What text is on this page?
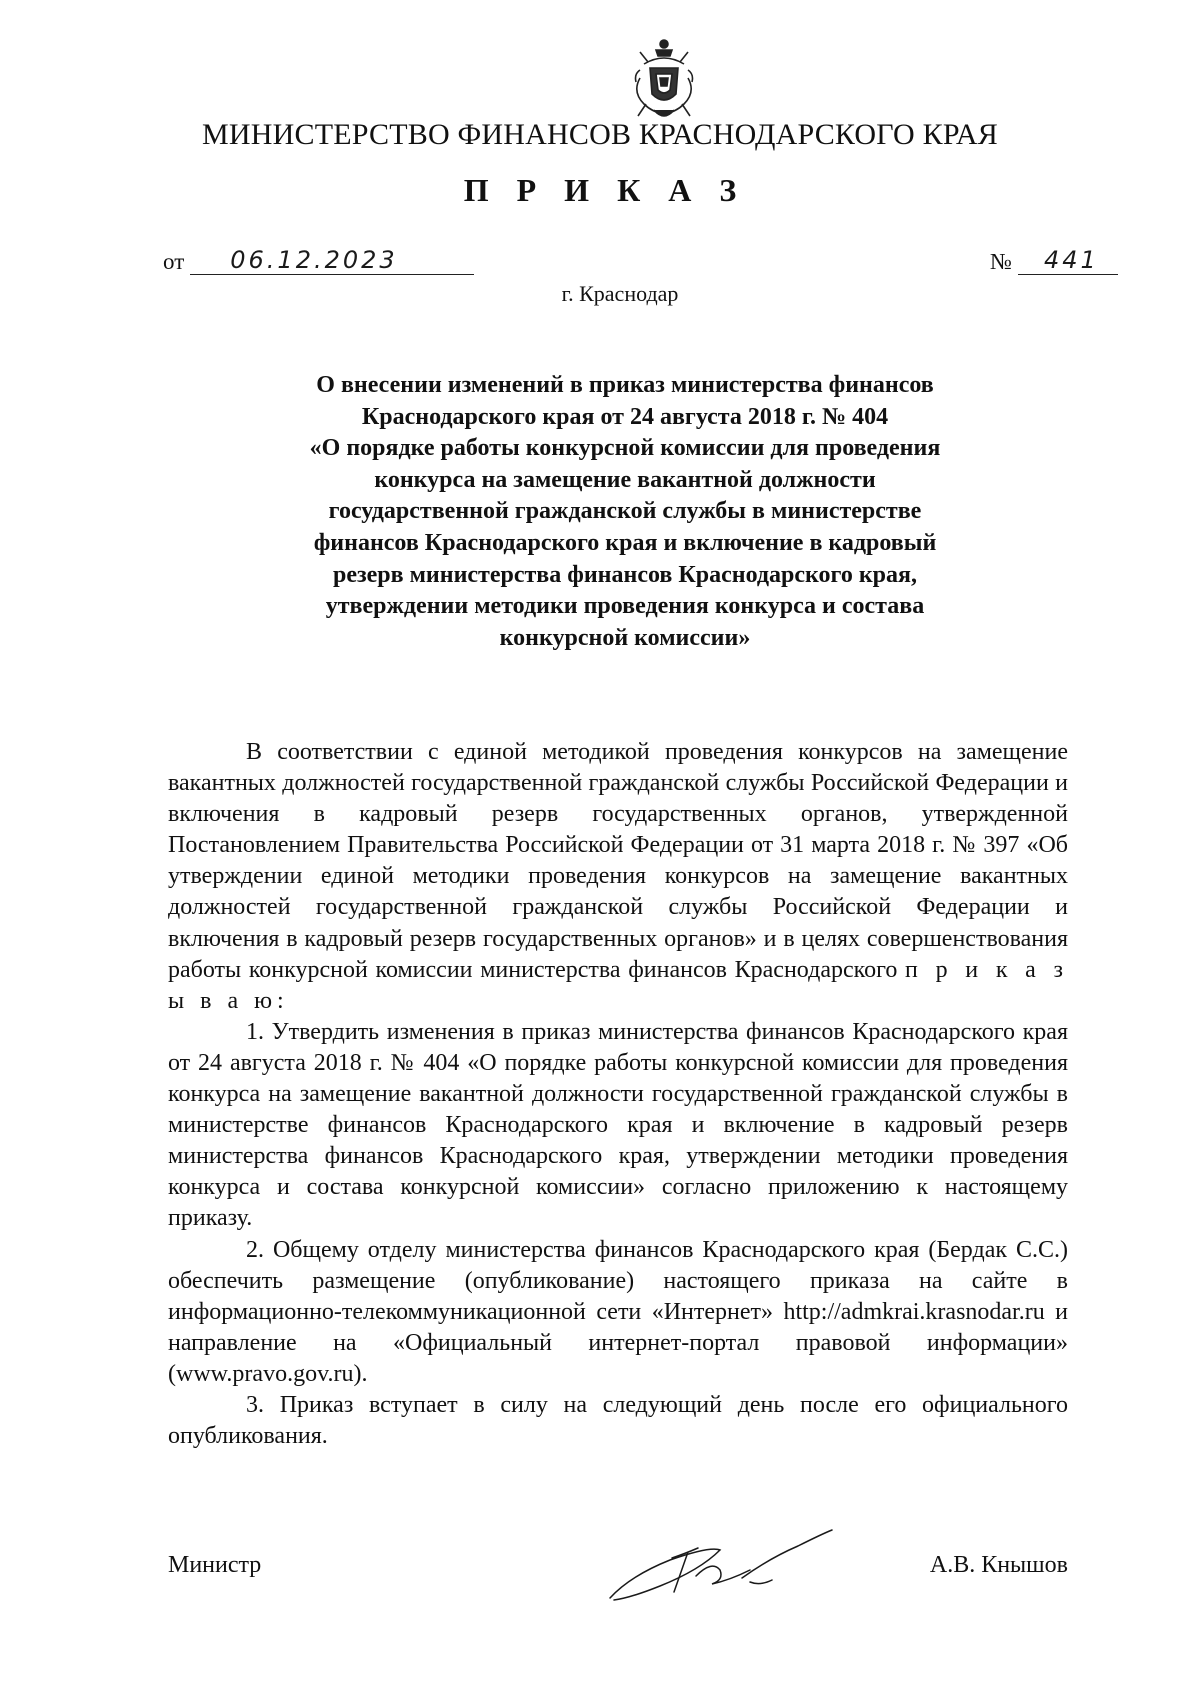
МИНИСТЕРСТВО ФИНАНСОВ КРАСНОДАРСКОГО КРАЯ
П Р И К А З
от 06.12.2023	№ 441
г. Краснодар
О внесении изменений в приказ министерства финансов
Краснодарского края от 24 августа 2018 г. № 404
«О порядке работы конкурсной комиссии для проведения
конкурса на замещение вакантной должности
государственной гражданской службы в министерстве
финансов Краснодарского края и включение в кадровый
резерв министерства финансов Краснодарского края,
утверждении методики проведения конкурса и состава
конкурсной комиссии»

В соответствии с единой методикой проведения конкурсов на замещение вакантных должностей государственной гражданской службы Российской Федерации и включения в кадровый резерв государственных органов, утвержденной Постановлением Правительства Российской Федерации от 31 марта 2018 г. № 397 «Об утверждении единой методики проведения конкурсов на замещение вакантных должностей государственной гражданской службы Российской Федерации и включения в кадровый резерв государственных органов» и в целях совершенствования работы конкурсной комиссии министерства финансов Краснодарского п р и к а з ы в а ю:

1. Утвердить изменения в приказ министерства финансов Краснодарского края от 24 августа 2018 г. № 404 «О порядке работы конкурсной комиссии для проведения конкурса на замещение вакантной должности государственной гражданской службы в министерстве финансов Краснодарского края и включение в кадровый резерв министерства финансов Краснодарского края, утверждении методики проведения конкурса и состава конкурсной комиссии» согласно приложению к настоящему приказу.

2. Общему отделу министерства финансов Краснодарского края (Бердак С.С.) обеспечить размещение (опубликование) настоящего приказа на сайте в информационно-телекоммуникационной сети «Интернет» http://admkrai.krasnodar.ru и направление на «Официальный интернет-портал правовой информации» (www.pravo.gov.ru).

3. Приказ вступает в силу на следующий день после его официального опубликования.

Министр	А.В. Кнышов
